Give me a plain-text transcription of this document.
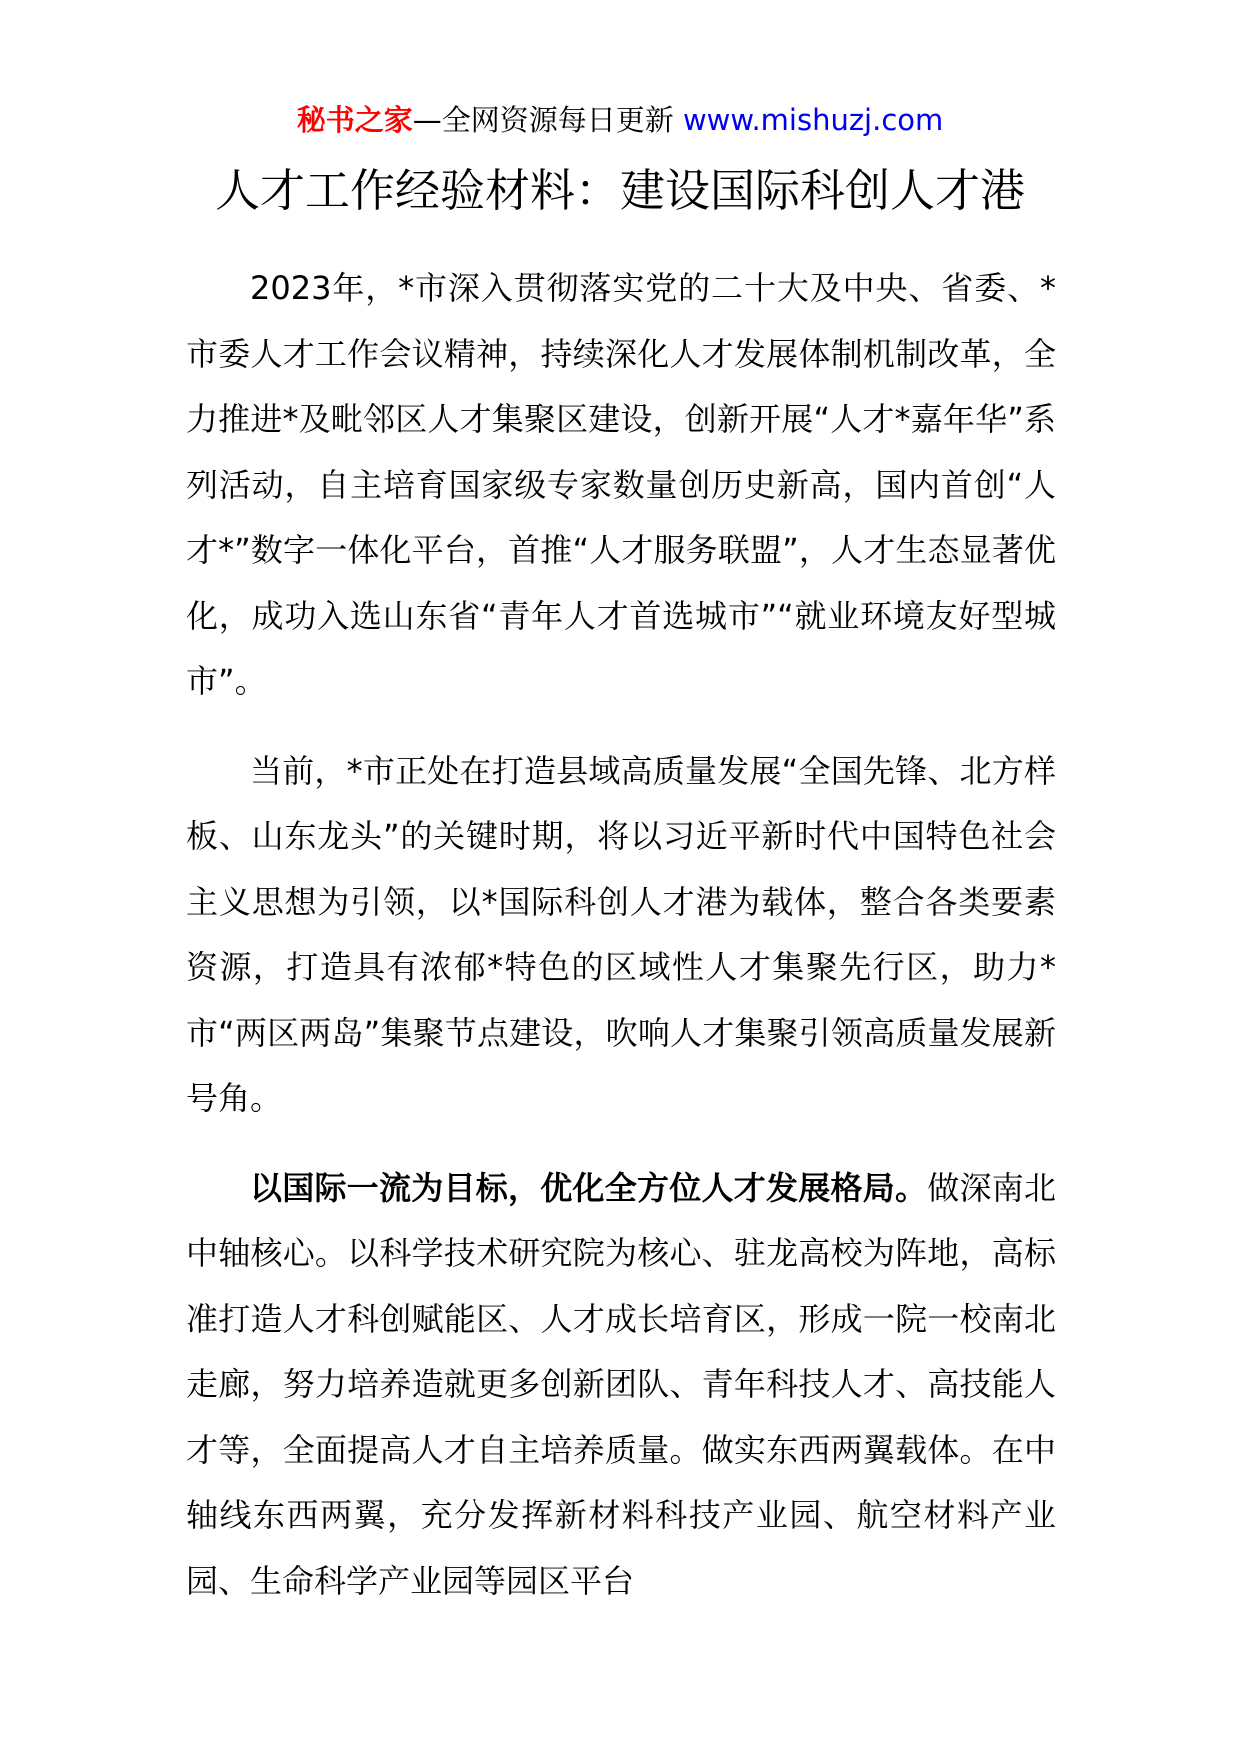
秘书之家—全网资源每日更新 www.mishuzj.com
人才工作经验材料：建设国际科创人才港

2023年，*市深入贯彻落实党的二十大及中央、省委、*市委人才工作会议精神，持续深化人才发展体制机制改革，全力推进*及毗邻区人才集聚区建设，创新开展“人才*嘉年华”系列活动，自主培育国家级专家数量创历史新高，国内首创“人才*”数字一体化平台，首推“人才服务联盟”，人才生态显著优化，成功入选山东省“青年人才首选城市”“就业环境友好型城市”。

当前，*市正处在打造县域高质量发展“全国先锋、北方样板、山东龙头”的关键时期，将以习近平新时代中国特色社会主义思想为引领，以*国际科创人才港为载体，整合各类要素资源，打造具有浓郁*特色的区域性人才集聚先行区，助力*市“两区两岛”集聚节点建设，吹响人才集聚引领高质量发展新号角。

以国际一流为目标，优化全方位人才发展格局。做深南北中轴核心。以科学技术研究院为核心、驻龙高校为阵地，高标准打造人才科创赋能区、人才成长培育区，形成一院一校南北走廊，努力培养造就更多创新团队、青年科技人才、高技能人才等，全面提高人才自主培养质量。做实东西两翼载体。在中轴线东西两翼，充分发挥新材料科技产业园、航空材料产业园、生命科学产业园等园区平台
